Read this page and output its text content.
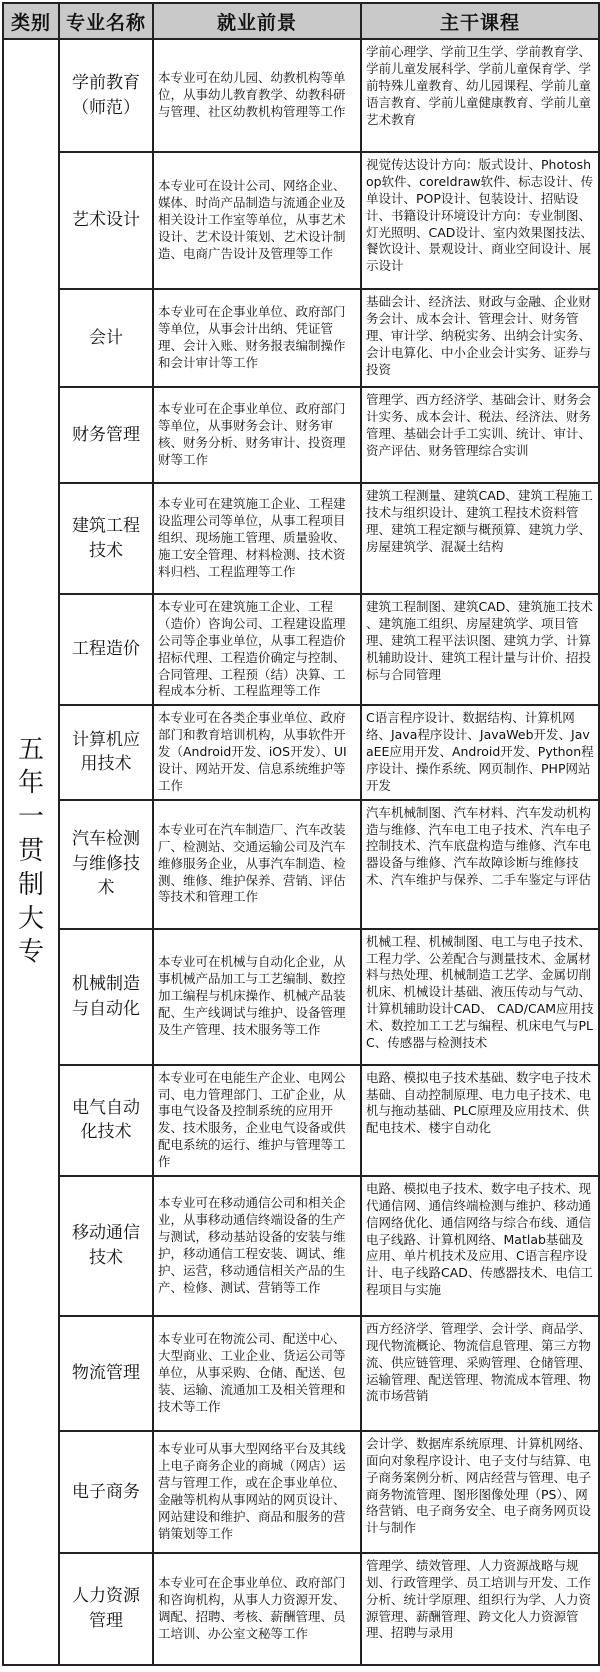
类别	专业名称	就业前景	主干课程

五年一贯制大专	学前教育（师范）	本专业可在幼儿园、幼教机构等单位，从事幼儿教育教学、幼教科研与管理、社区幼教机构管理等工作	学前心理学、学前卫生学、学前教育学、学前儿童发展科学、学前儿童保育学、学前特殊儿童教育、幼儿园课程、学前儿童语言教育、学前儿童健康教育、学前儿童艺术教育
	艺术设计	本专业可在设计公司、网络企业、媒体、时尚产品制造与流通企业及相关设计工作室等单位，从事艺术设计、艺术设计策划、艺术设计制造、电商广告设计及管理等工作	视觉传达设计方向：版式设计、Photoshop软件、coreldraw软件、标志设计、传单设计、POP设计、包装设计、招贴设计、书籍设计环境设计方向：专业制图、灯光照明、CAD设计、室内效果图技法、餐饮设计、景观设计、商业空间设计、展示设计
	会计	本专业可在企事业单位、政府部门等单位，从事会计出纳、凭证管理、会计入账、财务报表编制操作和会计审计等工作	基础会计、经济法、财政与金融、企业财务会计、成本会计、管理会计、财务管理、审计学、纳税实务、出纳会计实务、会计电算化、中小企业会计实务、证券与投资
	财务管理	本专业可在企事业单位、政府部门等单位，从事财务会计、财务审核、财务分析、财务审计、投资理财等工作	管理学、西方经济学、基础会计、财务会计实务、成本会计、税法、经济法、财务管理、基础会计手工实训、统计、审计、资产评估、财务管理综合实训
	建筑工程技术	本专业可在建筑施工企业、工程建设监理公司等单位，从事工程项目组织、现场施工管理、质量验收、施工安全管理、材料检测、技术资料归档、工程监理等工作	建筑工程测量、建筑CAD、建筑工程施工技术与组织设计、建筑工程技术资料管理、建筑工程定额与概预算、建筑力学、房屋建筑学、混凝土结构
	工程造价	本专业可在建筑施工企业、工程（造价）咨询公司、工程建设监理公司等企事业单位，从事工程造价招标代理、工程造价确定与控制、合同管理、工程预（结）决算、工程成本分析、工程监理等工作	建筑工程制图、建筑CAD、建筑施工技术 、建筑施工组织、房屋建筑学、项目管理、建筑工程平法识图、建筑力学、计算机辅助设计、建筑工程计量与计价、招投标与合同管理
	计算机应用技术	本专业可在各类企事业单位、政府部门和教育培训机构，从事软件开发（Android开发、iOS开发）、UI设计、网站开发、信息系统维护等工作	C语言程序设计、数据结构、计算机网络、Java程序设计、JavaWeb开发、JavaEE应用开发、Android开发、Python程序设计、操作系统、网页制作、PHP网站开发
	汽车检测与维修技术	本专业可在汽车制造厂、汽车改装厂、检测站、交通运输公司及汽车维修服务企业，从事汽车制造、检测、维修、维护保养、营销、评估等技术和管理工作	汽车机械制图、汽车材料、汽车发动机构造与维修、汽车电工电子技术、汽车电子控制技术、汽车底盘构造与维修、汽车电器设备与维修、汽车故障诊断与维修技术、汽车维护与保养、二手车鉴定与评估
	机械制造与自动化	本专业可在机械与自动化企业，从事机械产品加工与工艺编制、数控加工编程与机床操作、机械产品装配、生产线调试与维护、设备管理及生产管理、技术服务等工作	机械工程、机械制图、电工与电子技术、工程力学、公差配合与测量技术、金属材料与热处理、机械制造工艺学、金属切削机床、机械设计基础、液压传动与气动、计算机辅助设计CAD、 CAD/CAM应用技术、数控加工工艺与编程、机床电气与PLC、传感器与检测技术
	电气自动化技术	本专业可在电能生产企业、电网公司、电力管理部门、工矿企业，从事电气设备及控制系统的应用开发、技术服务，企业电气设备或供配电系统的运行、维护与管理等工作	电路、模拟电子技术基础、数字电子技术基础、自动控制原理、电力电子技术、电机与拖动基础、PLC原理及应用技术、供配电技术、楼宇自动化
	移动通信技术	本专业可在移动通信公司和相关企业，从事移动通信终端设备的生产与测试，移动基站设备的安装与维护，移动通信工程安装、调试、维护、运营，移动通信相关产品的生产、检修、测试、营销等工作	电路、模拟电子技术、数字电子技术、现代通信网、通信终端检测与维护、移动通信网络优化、通信网络与综合布线、通信电子线路、计算机网络、Matlab基础及应用、单片机技术及应用、C语言程序设计、电子线路CAD、传感器技术、电信工程项目与实施
	物流管理	本专业可在物流公司、配送中心、大型商业、工业企业、货运公司等单位，从事采购、仓储、配送、包装、运输、流通加工及相关管理和技术等工作	西方经济学、管理学、会计学、商品学、现代物流概论、物流信息管理、第三方物流、供应链管理、采购管理、仓储管理、运输管理、配送管理、物流成本管理、物流市场营销
	电子商务	本专业可从事大型网络平台及其线上电子商务企业的商城（网店）运营与管理工作，或在企事业单位、金融等机构从事网站的网页设计、网站建设和维护、商品和服务的营销策划等工作	会计学、数据库系统原理、计算机网络、面向对象程序设计、电子支付与结算、电子商务案例分析、网店经营与管理、电子商务物流管理、图形图像处理（PS）、网络营销、电子商务安全、电子商务网页设计与制作
	人力资源管理	本专业可在企事业单位、政府部门和咨询机构，从事人力资源开发、调配、招聘、考核、薪酬管理、员工培训、办公室文秘等工作	管理学、绩效管理、人力资源战略与规划、行政管理学、员工培训与开发、工作分析、统计学原理、组织行为学、人力资源管理、薪酬管理、跨文化人力资源管理、招聘与录用
